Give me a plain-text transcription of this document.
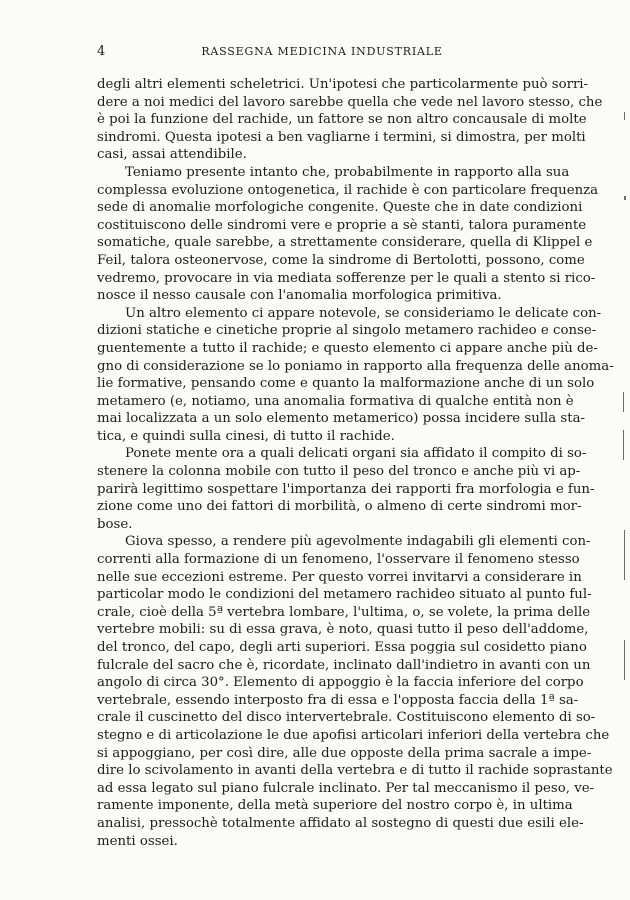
4	RASSEGNA MEDICINA INDUSTRIALE
degli altri elementi scheletrici. Un'ipotesi che particolarmente può sorri-
dere a noi medici del lavoro sarebbe quella che vede nel lavoro stesso, che
è poi la funzione del rachide, un fattore se non altro concausale di molte
sindromi. Questa ipotesi a ben vagliarne i termini, si dimostra, per molti
casi, assai attendibile.
Teniamo presente intanto che, probabilmente in rapporto alla sua
complessa evoluzione ontogenetica, il rachide è con particolare frequenza
sede di anomalie morfologiche congenite. Queste che in date condizioni
costituiscono delle sindromi vere e proprie a sè stanti, talora puramente
somatiche, quale sarebbe, a strettamente considerare, quella di Klippel e
Feil, talora osteonervose, come la sindrome di Bertolotti, possono, come
vedremo, provocare in via mediata sofferenze per le quali a stento si rico-
nosce il nesso causale con l'anomalia morfologica primitiva.
Un altro elemento ci appare notevole, se consideriamo le delicate con-
dizioni statiche e cinetiche proprie al singolo metamero rachideo e conse-
guentemente a tutto il rachide; e questo elemento ci appare anche più de-
gno di considerazione se lo poniamo in rapporto alla frequenza delle anoma-
lie formative, pensando come e quanto la malformazione anche di un solo
metamero (e, notiamo, una anomalia formativa di qualche entità non è
mai localizzata a un solo elemento metamerico) possa incidere sulla sta-
tica, e quindi sulla cinesi, di tutto il rachide.
Ponete mente ora a quali delicati organi sia affidato il compito di so-
stenere la colonna mobile con tutto il peso del tronco e anche più vi ap-
parirà legittimo sospettare l'importanza dei rapporti fra morfologia e fun-
zione come uno dei fattori di morbilità, o almeno di certe sindromi mor-
bose.
Giova spesso, a rendere più agevolmente indagabili gli elementi con-
correnti alla formazione di un fenomeno, l'osservare il fenomeno stesso
nelle sue eccezioni estreme. Per questo vorrei invitarvi a considerare in
particolar modo le condizioni del metamero rachideo situato al punto ful-
crale, cioè della 5ª vertebra lombare, l'ultima, o, se volete, la prima delle
vertebre mobili: su di essa grava, è noto, quasi tutto il peso dell'addome,
del tronco, del capo, degli arti superiori. Essa poggia sul cosidetto piano
fulcrale del sacro che è, ricordate, inclinato dall'indietro in avanti con un
angolo di circa 30°. Elemento di appoggio è la faccia inferiore del corpo
vertebrale, essendo interposto fra di essa e l'opposta faccia della 1ª sa-
crale il cuscinetto del disco intervertebrale. Costituiscono elemento di so-
stegno e di articolazione le due apofisi articolari inferiori della vertebra che
si appoggiano, per così dire, alle due opposte della prima sacrale a impe-
dire lo scivolamento in avanti della vertebra e di tutto il rachide soprastante
ad essa legato sul piano fulcrale inclinato. Per tal meccanismo il peso, ve-
ramente imponente, della metà superiore del nostro corpo è, in ultima
analisi, pressochè totalmente affidato al sostegno di questi due esili ele-
menti ossei.
